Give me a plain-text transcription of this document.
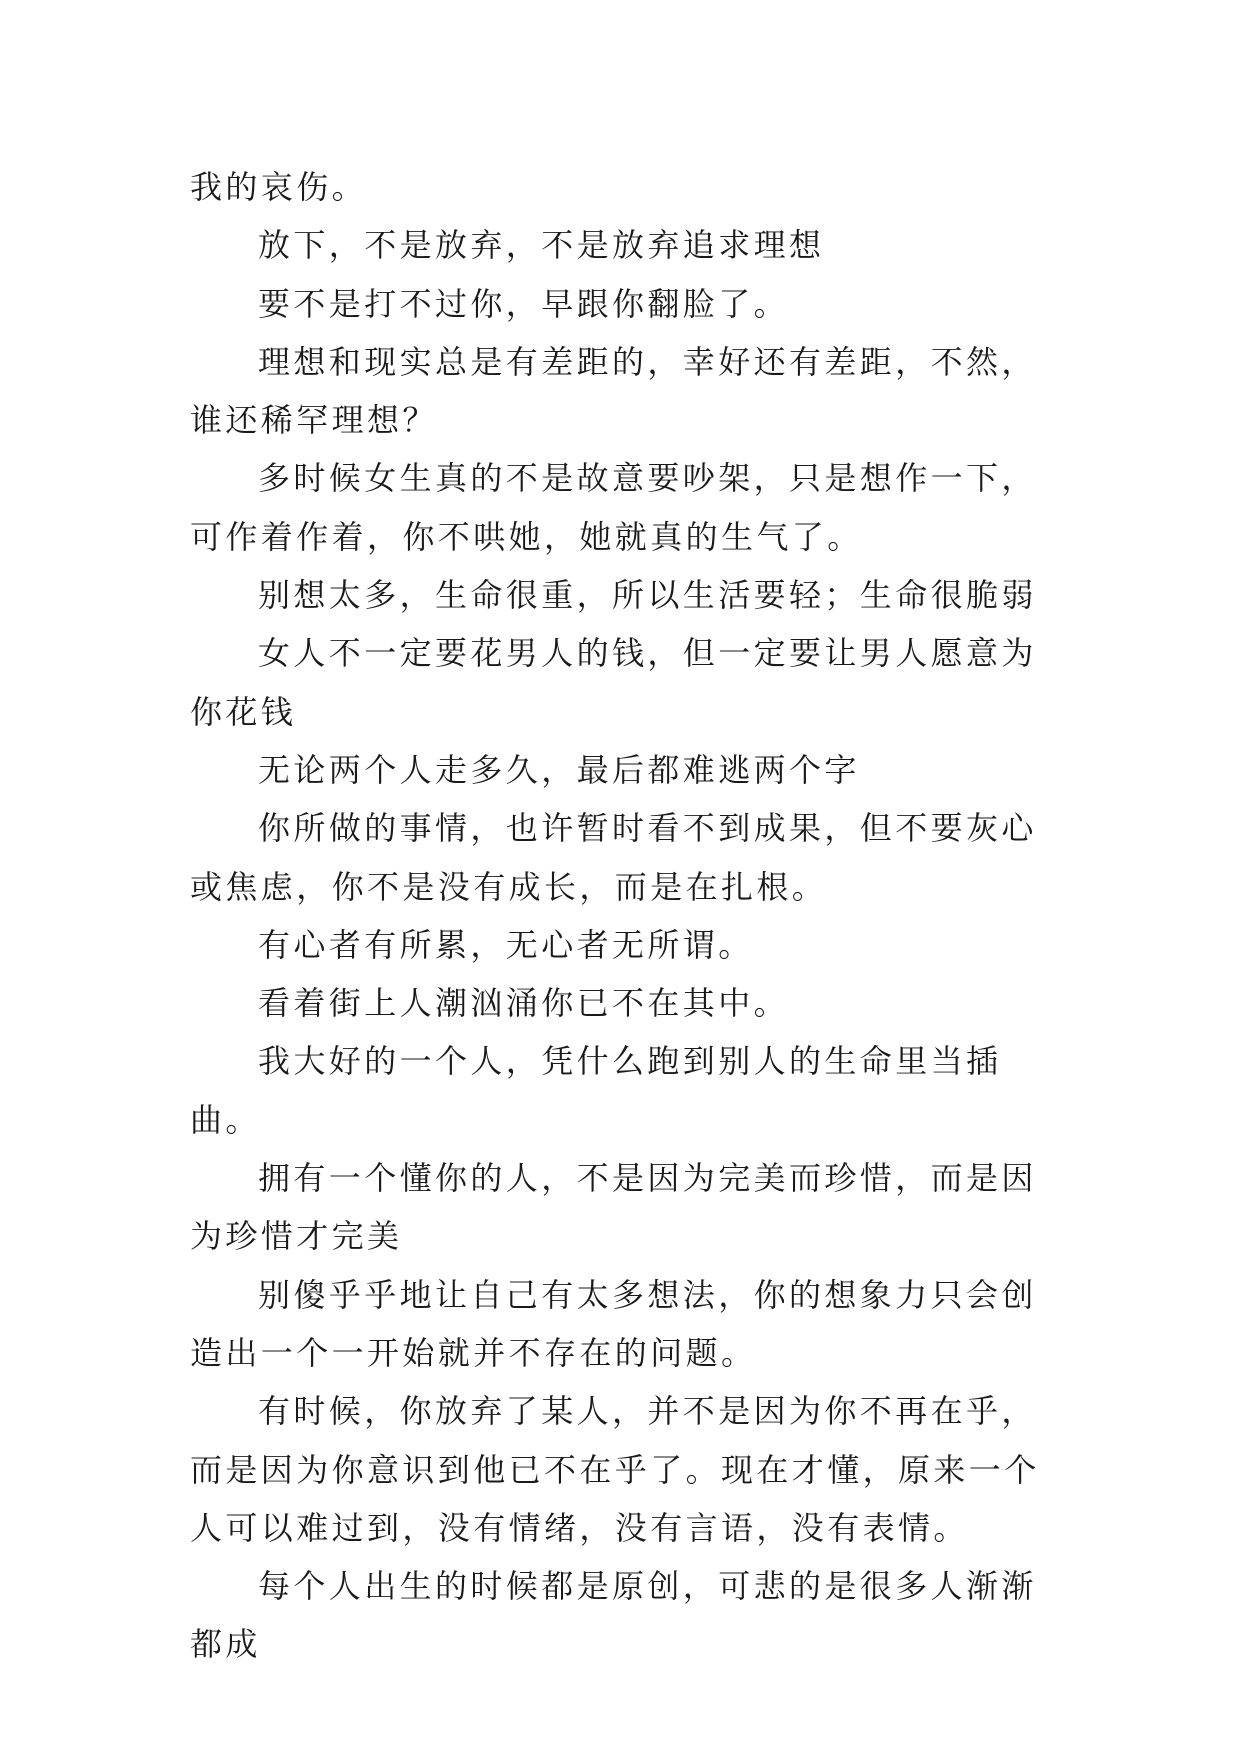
我的哀伤。

放下，不是放弃，不是放弃追求理想

要不是打不过你，早跟你翻脸了。

理想和现实总是有差距的，幸好还有差距，不然，谁还稀罕理想？

多时候女生真的不是故意要吵架，只是想作一下，可作着作着，你不哄她，她就真的生气了。

别想太多，生命很重，所以生活要轻；生命很脆弱

女人不一定要花男人的钱，但一定要让男人愿意为你花钱

无论两个人走多久，最后都难逃两个字

你所做的事情，也许暂时看不到成果，但不要灰心或焦虑，你不是没有成长，而是在扎根。

有心者有所累，无心者无所谓。

看着街上人潮汹涌你已不在其中。

我大好的一个人，凭什么跑到别人的生命里当插曲。

拥有一个懂你的人，不是因为完美而珍惜，而是因为珍惜才完美

别傻乎乎地让自己有太多想法，你的想象力只会创造出一个一开始就并不存在的问题。

有时候，你放弃了某人，并不是因为你不再在乎，而是因为你意识到他已不在乎了。现在才懂，原来一个人可以难过到，没有情绪，没有言语，没有表情。

每个人出生的时候都是原创，可悲的是很多人渐渐都成
